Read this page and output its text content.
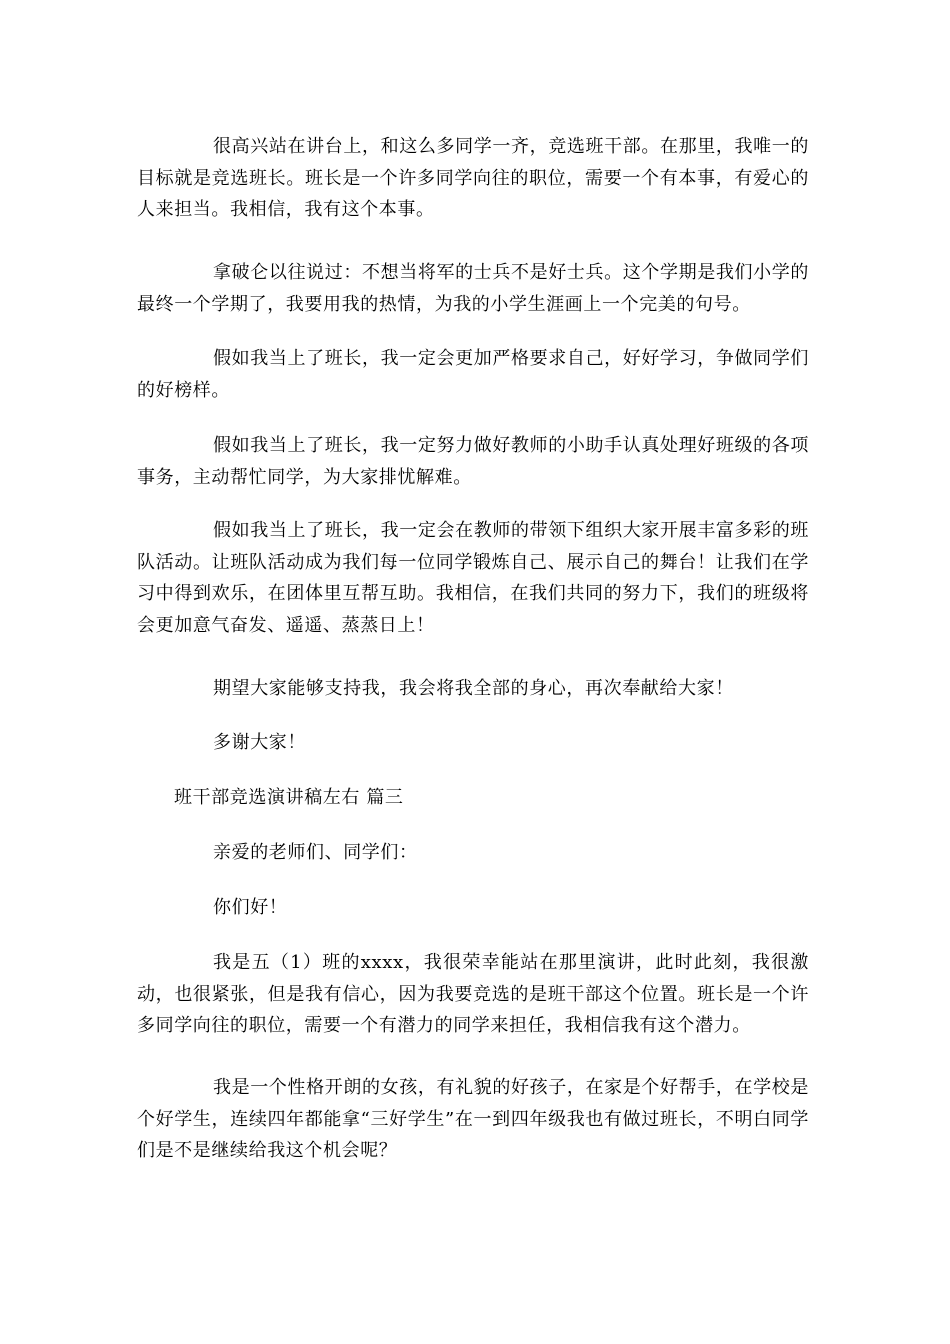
很高兴站在讲台上，和这么多同学一齐，竞选班干部。在那里，我唯一的目标就是竞选班长。班长是一个许多同学向往的职位，需要一个有本事，有爱心的人来担当。我相信，我有这个本事。

拿破仑以往说过：不想当将军的士兵不是好士兵。这个学期是我们小学的最终一个学期了，我要用我的热情，为我的小学生涯画上一个完美的句号。

假如我当上了班长，我一定会更加严格要求自己，好好学习，争做同学们的好榜样。

假如我当上了班长，我一定努力做好教师的小助手认真处理好班级的各项事务，主动帮忙同学，为大家排忧解难。

假如我当上了班长，我一定会在教师的带领下组织大家开展丰富多彩的班队活动。让班队活动成为我们每一位同学锻炼自己、展示自己的舞台！让我们在学习中得到欢乐，在团体里互帮互助。我相信，在我们共同的努力下，我们的班级将会更加意气奋发、遥遥、蒸蒸日上！

期望大家能够支持我，我会将我全部的身心，再次奉献给大家！

多谢大家！

班干部竞选演讲稿左右 篇三

亲爱的老师们、同学们：

你们好！

我是五（1）班的xxxx，我很荣幸能站在那里演讲，此时此刻，我很激动，也很紧张，但是我有信心，因为我要竞选的是班干部这个位置。班长是一个许多同学向往的职位，需要一个有潜力的同学来担任，我相信我有这个潜力。

我是一个性格开朗的女孩，有礼貌的好孩子，在家是个好帮手，在学校是个好学生，连续四年都能拿“三好学生”在一到四年级我也有做过班长，不明白同学们是不是继续给我这个机会呢？
